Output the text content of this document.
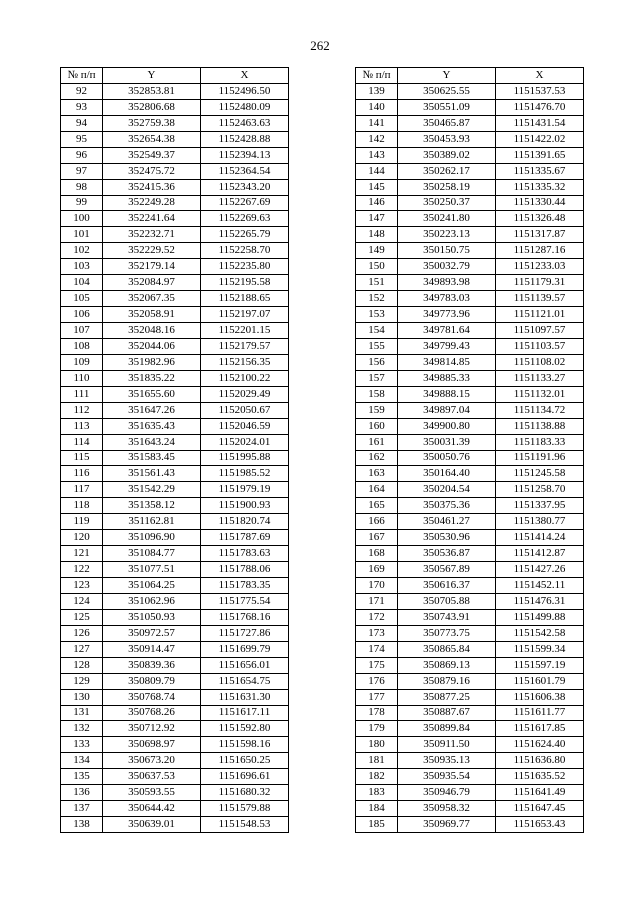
262
№ п/п	Y	X
92	352853.81	1152496.50
93	352806.68	1152480.09
94	352759.38	1152463.63
95	352654.38	1152428.88
96	352549.37	1152394.13
97	352475.72	1152364.54
98	352415.36	1152343.20
99	352249.28	1152267.69
100	352241.64	1152269.63
101	352232.71	1152265.79
102	352229.52	1152258.70
103	352179.14	1152235.80
104	352084.97	1152195.58
105	352067.35	1152188.65
106	352058.91	1152197.07
107	352048.16	1152201.15
108	352044.06	1152179.57
109	351982.96	1152156.35
110	351835.22	1152100.22
111	351655.60	1152029.49
112	351647.26	1152050.67
113	351635.43	1152046.59
114	351643.24	1152024.01
115	351583.45	1151995.88
116	351561.43	1151985.52
117	351542.29	1151979.19
118	351358.12	1151900.93
119	351162.81	1151820.74
120	351096.90	1151787.69
121	351084.77	1151783.63
122	351077.51	1151788.06
123	351064.25	1151783.35
124	351062.96	1151775.54
125	351050.93	1151768.16
126	350972.57	1151727.86
127	350914.47	1151699.79
128	350839.36	1151656.01
129	350809.79	1151654.75
130	350768.74	1151631.30
131	350768.26	1151617.11
132	350712.92	1151592.80
133	350698.97	1151598.16
134	350673.20	1151650.25
135	350637.53	1151696.61
136	350593.55	1151680.32
137	350644.42	1151579.88
138	350639.01	1151548.53
№ п/п	Y	X
139	350625.55	1151537.53
140	350551.09	1151476.70
141	350465.87	1151431.54
142	350453.93	1151422.02
143	350389.02	1151391.65
144	350262.17	1151335.67
145	350258.19	1151335.32
146	350250.37	1151330.44
147	350241.80	1151326.48
148	350223.13	1151317.87
149	350150.75	1151287.16
150	350032.79	1151233.03
151	349893.98	1151179.31
152	349783.03	1151139.57
153	349773.96	1151121.01
154	349781.64	1151097.57
155	349799.43	1151103.57
156	349814.85	1151108.02
157	349885.33	1151133.27
158	349888.15	1151132.01
159	349897.04	1151134.72
160	349900.80	1151138.88
161	350031.39	1151183.33
162	350050.76	1151191.96
163	350164.40	1151245.58
164	350204.54	1151258.70
165	350375.36	1151337.95
166	350461.27	1151380.77
167	350530.96	1151414.24
168	350536.87	1151412.87
169	350567.89	1151427.26
170	350616.37	1151452.11
171	350705.88	1151476.31
172	350743.91	1151499.88
173	350773.75	1151542.58
174	350865.84	1151599.34
175	350869.13	1151597.19
176	350879.16	1151601.79
177	350877.25	1151606.38
178	350887.67	1151611.77
179	350899.84	1151617.85
180	350911.50	1151624.40
181	350935.13	1151636.80
182	350935.54	1151635.52
183	350946.79	1151641.49
184	350958.32	1151647.45
185	350969.77	1151653.43
